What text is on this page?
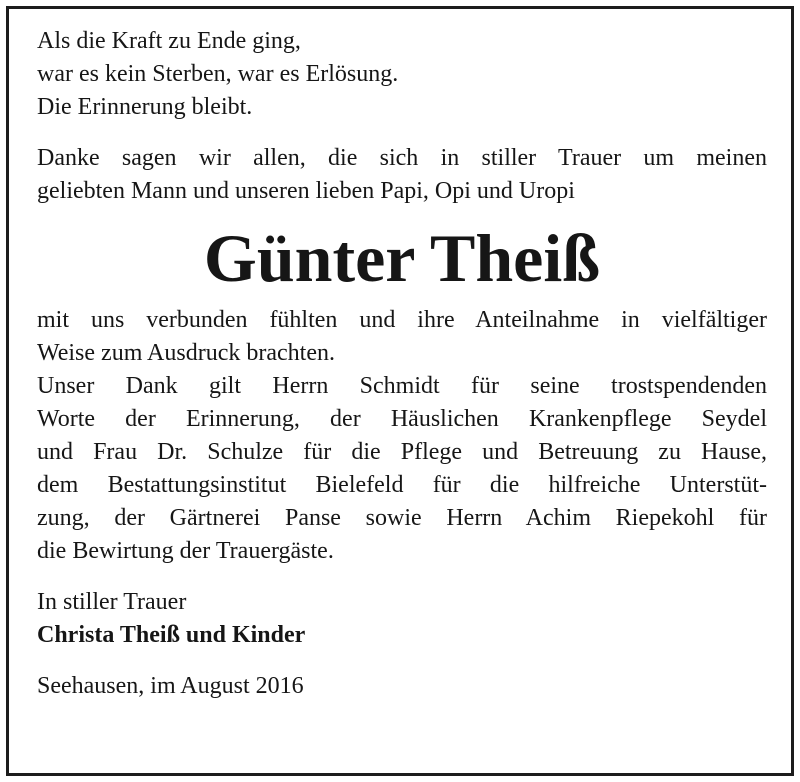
Als die Kraft zu Ende ging,
war es kein Sterben, war es Erlösung.
Die Erinnerung bleibt.
Danke sagen wir allen, die sich in stiller Trauer um meinen
geliebten Mann und unseren lieben Papi, Opi und Uropi
Günter Theiß
mit uns verbunden fühlten und ihre Anteilnahme in vielfältiger
Weise zum Ausdruck brachten.
Unser Dank gilt Herrn Schmidt für seine trostspendenden
Worte der Erinnerung, der Häuslichen Krankenpflege Seydel
und Frau Dr. Schulze für die Pflege und Betreuung zu Hause,
dem Bestattungsinstitut Bielefeld für die hilfreiche Unterstüt-
zung, der Gärtnerei Panse sowie Herrn Achim Riepekohl für
die Bewirtung der Trauergäste.
In stiller Trauer
Christa Theiß und Kinder
Seehausen, im August 2016
